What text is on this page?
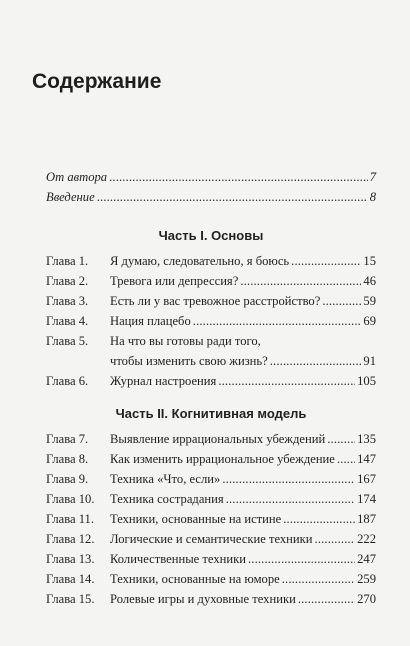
Содержание
От автора . . .	7
Введение . . .	8
Часть I. Основы
Глава 1.	Я думаю, следовательно, я боюсь . . .	15
Глава 2.	Тревога или депрессия? . . .	46
Глава 3.	Есть ли у вас тревожное расстройство? . . .	59
Глава 4.	Нация плацебо . . .	69
Глава 5.	На что вы готовы ради того,
чтобы изменить свою жизнь? . . .	91
Глава 6.	Журнал настроения . . .	105
Часть II. Когнитивная модель
Глава 7.	Выявление иррациональных убеждений . . .	135
Глава 8.	Как изменить иррациональное убеждение . . . 147
Глава 9.	Техника «Что, если» . . .	167
Глава 10.	Техника сострадания . . .	174
Глава 11.	Техники, основанные на истине . . .	187
Глава 12.	Логические и семантические техники . . .	222
Глава 13.	Количественные техники . . .	247
Глава 14.	Техники, основанные на юморе . . .	259
Глава 15.	Ролевые игры и духовные техники . . .	270
